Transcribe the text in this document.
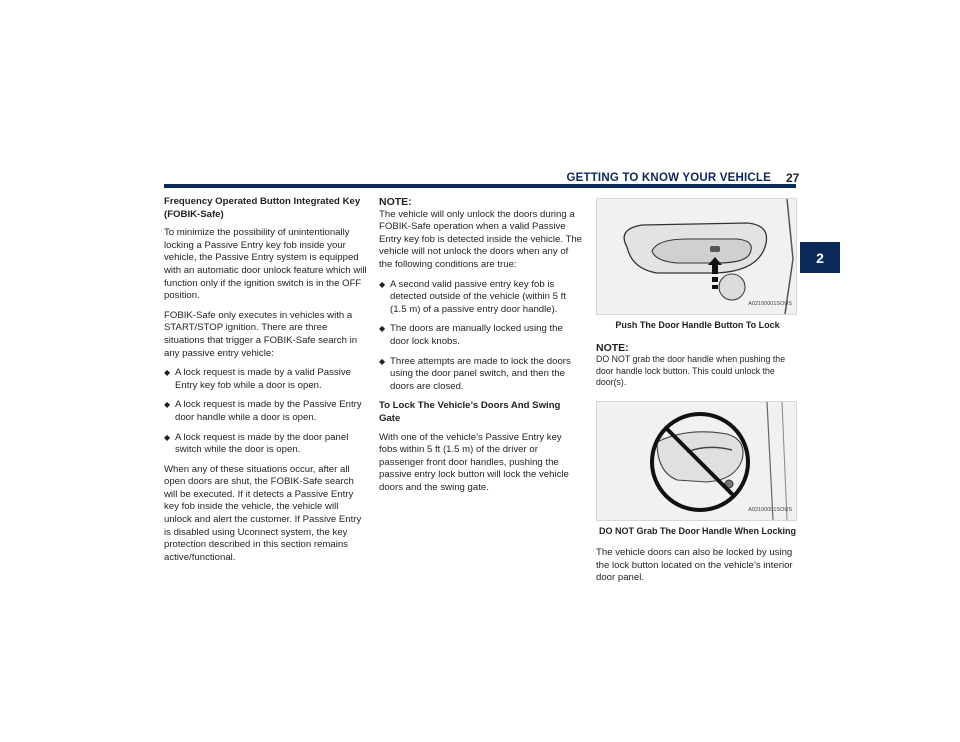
GETTING TO KNOW YOUR VEHICLE 27
2

Frequency Operated Button Integrated Key (FOBIK-Safe)

To minimize the possibility of unintentionally locking a Passive Entry key fob inside your vehicle, the Passive Entry system is equipped with an automatic door unlock feature which will function only if the ignition switch is in the OFF position.

FOBIK-Safe only executes in vehicles with a START/STOP ignition. There are three situations that trigger a FOBIK-Safe search in any passive entry vehicle:

◆ A lock request is made by a valid Passive Entry key fob while a door is open.
◆ A lock request is made by the Passive Entry door handle while a door is open.
◆ A lock request is made by the door panel switch while the door is open.

When any of these situations occur, after all open doors are shut, the FOBIK-Safe search will be executed. If it detects a Passive Entry key fob inside the vehicle, the vehicle will unlock and alert the customer. If Passive Entry is disabled using Uconnect system, the key protection described in this section remains active/functional.

NOTE:

The vehicle will only unlock the doors during a FOBIK-Safe operation when a valid Passive Entry key fob is detected inside the vehicle. The vehicle will not unlock the doors when any of the following conditions are true:

◆ A second valid passive entry key fob is detected outside of the vehicle (within 5 ft (1.5 m) of a passive entry door handle).
◆ The doors are manually locked using the door lock knobs.
◆ Three attempts are made to lock the doors using the door panel switch, and then the doors are closed.

To Lock The Vehicle’s Doors And Swing Gate

With one of the vehicle’s Passive Entry key fobs within 5 ft (1.5 m) of the driver or passenger front door handles, pushing the passive entry lock button will lock the vehicle doors and the swing gate.

A02100001SOUS
Push The Door Handle Button To Lock

NOTE:

DO NOT grab the door handle when pushing the door handle lock button. This could unlock the door(s).

A02100001SOUS
DO NOT Grab The Door Handle When Locking

The vehicle doors can also be locked by using the lock button located on the vehicle’s interior door panel.
